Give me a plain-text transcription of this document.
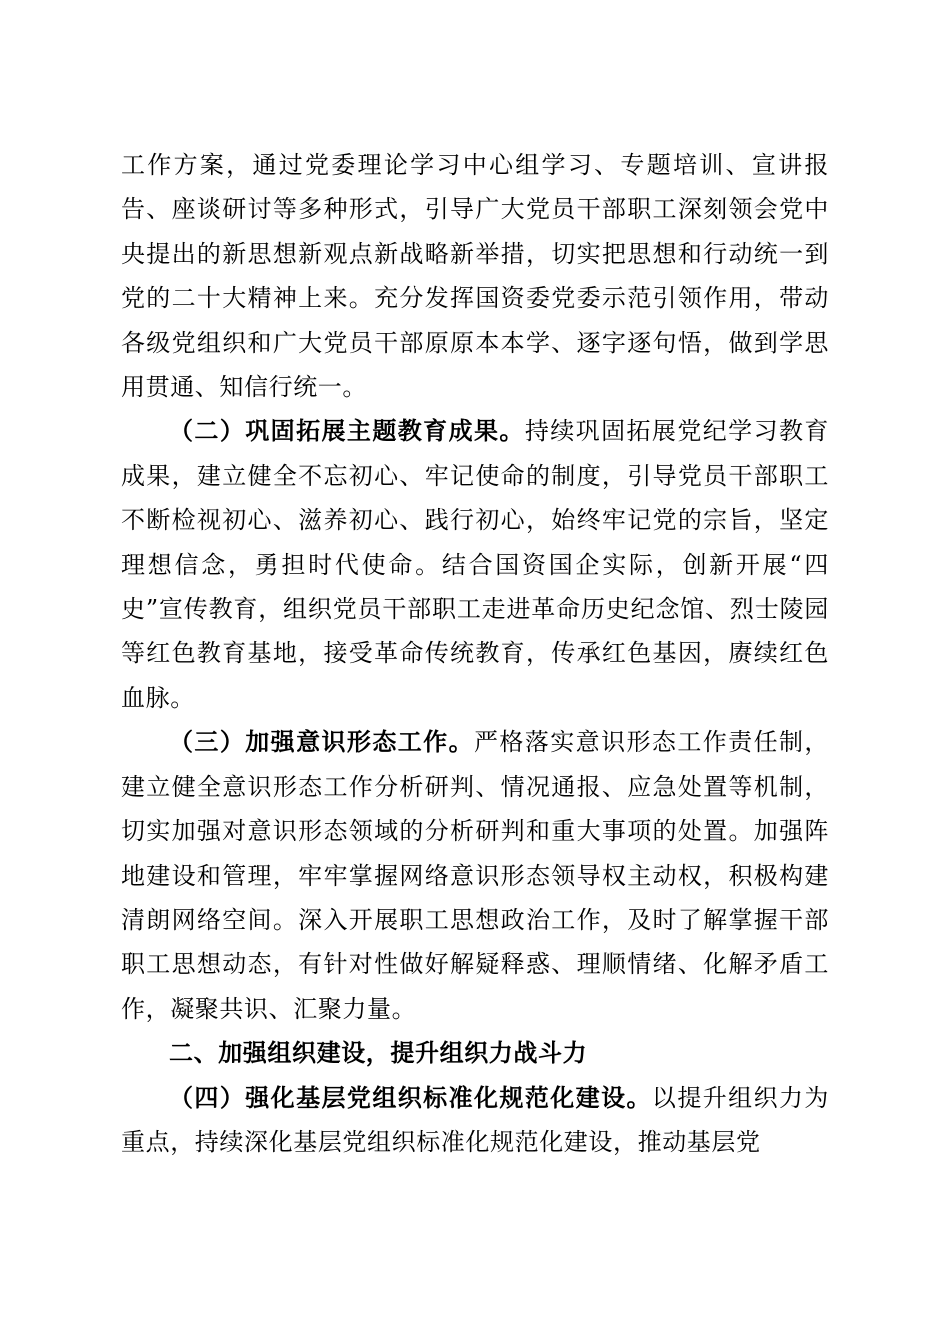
工作方案，通过党委理论学习中心组学习、专题培训、宣讲报告、座谈研讨等多种形式，引导广大党员干部职工深刻领会党中央提出的新思想新观点新战略新举措，切实把思想和行动统一到党的二十大精神上来。充分发挥国资委党委示范引领作用，带动各级党组织和广大党员干部原原本本学、逐字逐句悟，做到学思用贯通、知信行统一。

（二）巩固拓展主题教育成果。持续巩固拓展党纪学习教育成果，建立健全不忘初心、牢记使命的制度，引导党员干部职工不断检视初心、滋养初心、践行初心，始终牢记党的宗旨，坚定理想信念，勇担时代使命。结合国资国企实际，创新开展“四史”宣传教育，组织党员干部职工走进革命历史纪念馆、烈士陵园等红色教育基地，接受革命传统教育，传承红色基因，赓续红色血脉。

（三）加强意识形态工作。严格落实意识形态工作责任制，建立健全意识形态工作分析研判、情况通报、应急处置等机制，切实加强对意识形态领域的分析研判和重大事项的处置。加强阵地建设和管理，牢牢掌握网络意识形态领导权主动权，积极构建清朗网络空间。深入开展职工思想政治工作，及时了解掌握干部职工思想动态，有针对性做好解疑释惑、理顺情绪、化解矛盾工作，凝聚共识、汇聚力量。

二、加强组织建设，提升组织力战斗力

（四）强化基层党组织标准化规范化建设。以提升组织力为重点，持续深化基层党组织标准化规范化建设，推动基层党
